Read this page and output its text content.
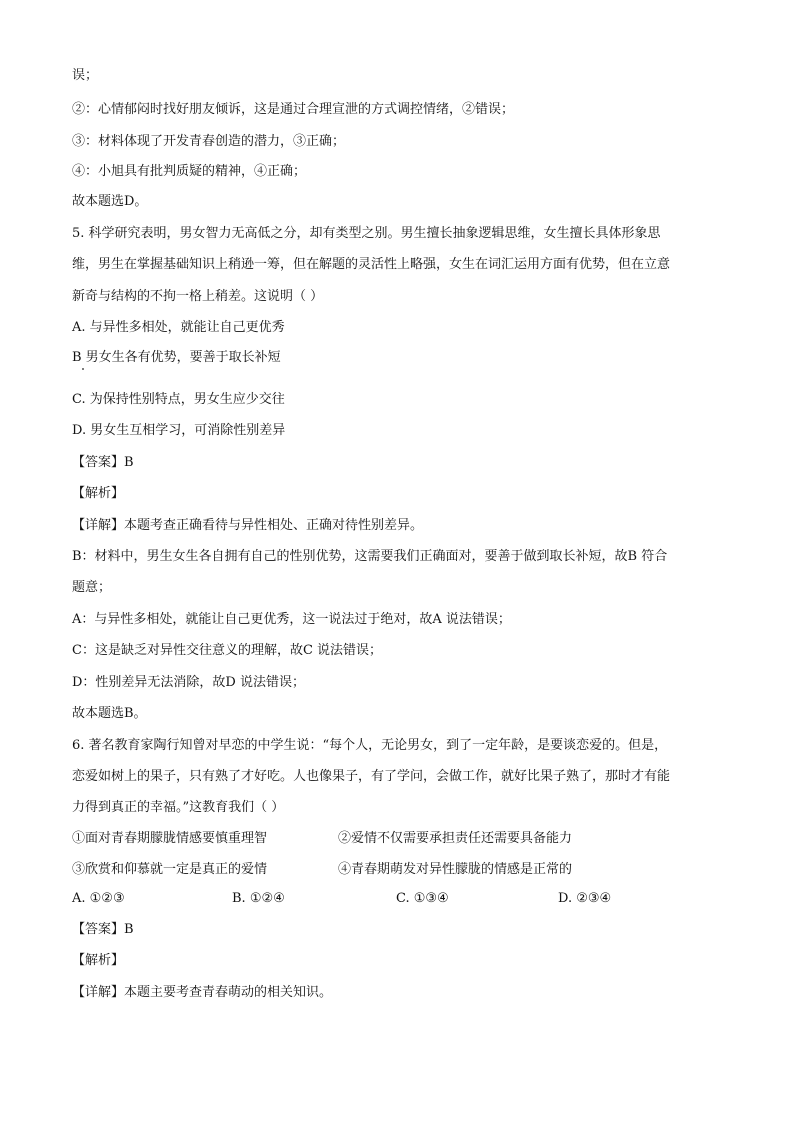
误；
②：心情郁闷时找好朋友倾诉，这是通过合理宣泄的方式调控情绪，②错误；
③：材料体现了开发青春创造的潜力，③正确；
④：小旭具有批判质疑的精神，④正确；
故本题选D。
5. 科学研究表明，男女智力无高低之分，却有类型之别。男生擅长抽象逻辑思维，女生擅长具体形象思
维，男生在掌握基础知识上稍逊一筹，但在解题的灵活性上略强，女生在词汇运用方面有优势，但在立意
新奇与结构的不拘一格上稍差。这说明（ ）
A. 与异性多相处，就能让自己更优秀
B 男女生各有优势，要善于取长补短
C. 为保持性别特点，男女生应少交往
D. 男女生互相学习，可消除性别差异
【答案】B
【解析】
【详解】本题考查正确看待与异性相处、正确对待性别差异。
B：材料中，男生女生各自拥有自己的性别优势，这需要我们正确面对，要善于做到取长补短，故B 符合
题意；
A：与异性多相处，就能让自己更优秀，这一说法过于绝对，故A 说法错误；
C：这是缺乏对异性交往意义的理解，故C 说法错误；
D：性别差异无法消除，故D 说法错误；
故本题选B。
6. 著名教育家陶行知曾对早恋的中学生说：“每个人，无论男女，到了一定年龄，是要谈恋爱的。但是，
恋爱如树上的果子，只有熟了才好吃。人也像果子，有了学问，会做工作，就好比果子熟了，那时才有能
力得到真正的幸福。”这教育我们（ ）
①面对青春期朦胧情感要慎重理智	②爱情不仅需要承担责任还需要具备能力
③欣赏和仰慕就一定是真正的爱情	④青春期萌发对异性朦胧的情感是正常的
A. ①②③	B. ①②④	C. ①③④	D. ②③④
【答案】B
【解析】
【详解】本题主要考查青春萌动的相关知识。
